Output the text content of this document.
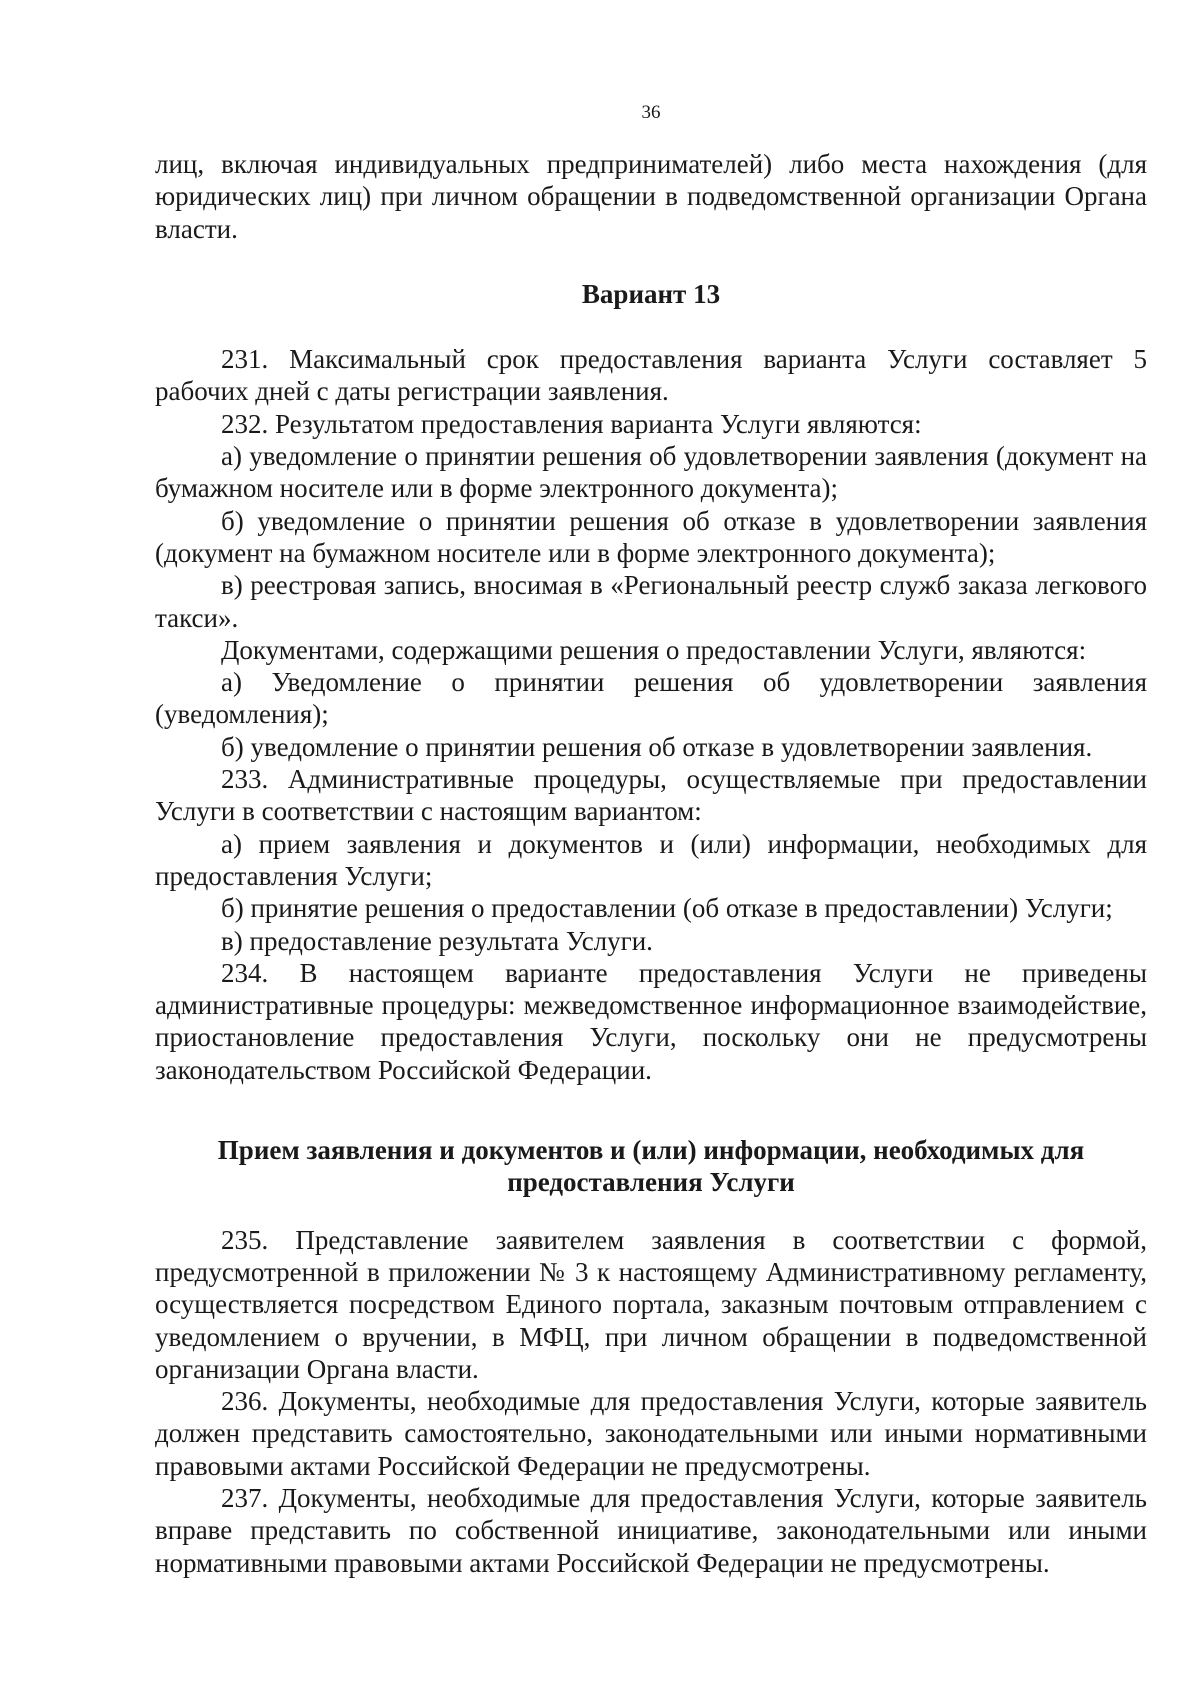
36

лиц, включая индивидуальных предпринимателей) либо места нахождения (для юридических лиц) при личном обращении в подведомственной организации Органа власти.

Вариант 13

231. Максимальный срок предоставления варианта Услуги составляет 5 рабочих дней с даты регистрации заявления.

232. Результатом предоставления варианта Услуги являются:

а) уведомление о принятии решения об удовлетворении заявления (документ на бумажном носителе или в форме электронного документа);

б) уведомление о принятии решения об отказе в удовлетворении заявления (документ на бумажном носителе или в форме электронного документа);

в) реестровая запись, вносимая в «Региональный реестр служб заказа легкового такси».

Документами, содержащими решения о предоставлении Услуги, являются:

а) Уведомление о принятии решения об удовлетворении заявления (уведомления);

б) уведомление о принятии решения об отказе в удовлетворении заявления.

233. Административные процедуры, осуществляемые при предоставлении Услуги в соответствии с настоящим вариантом:

а) прием заявления и документов и (или) информации, необходимых для предоставления Услуги;

б) принятие решения о предоставлении (об отказе в предоставлении) Услуги;

в) предоставление результата Услуги.

234. В настоящем варианте предоставления Услуги не приведены административные процедуры: межведомственное информационное взаимодействие, приостановление предоставления Услуги, поскольку они не предусмотрены законодательством Российской Федерации.

Прием заявления и документов и (или) информации, необходимых для
предоставления Услуги

235. Представление заявителем заявления в соответствии с формой, предусмотренной в приложении № 3 к настоящему Административному регламенту, осуществляется посредством Единого портала, заказным почтовым отправлением с уведомлением о вручении, в МФЦ, при личном обращении в подведомственной организации Органа власти.

236. Документы, необходимые для предоставления Услуги, которые заявитель должен представить самостоятельно, законодательными или иными нормативными правовыми актами Российской Федерации не предусмотрены.

237. Документы, необходимые для предоставления Услуги, которые заявитель вправе представить по собственной инициативе, законодательными или иными нормативными правовыми актами Российской Федерации не предусмотрены.
